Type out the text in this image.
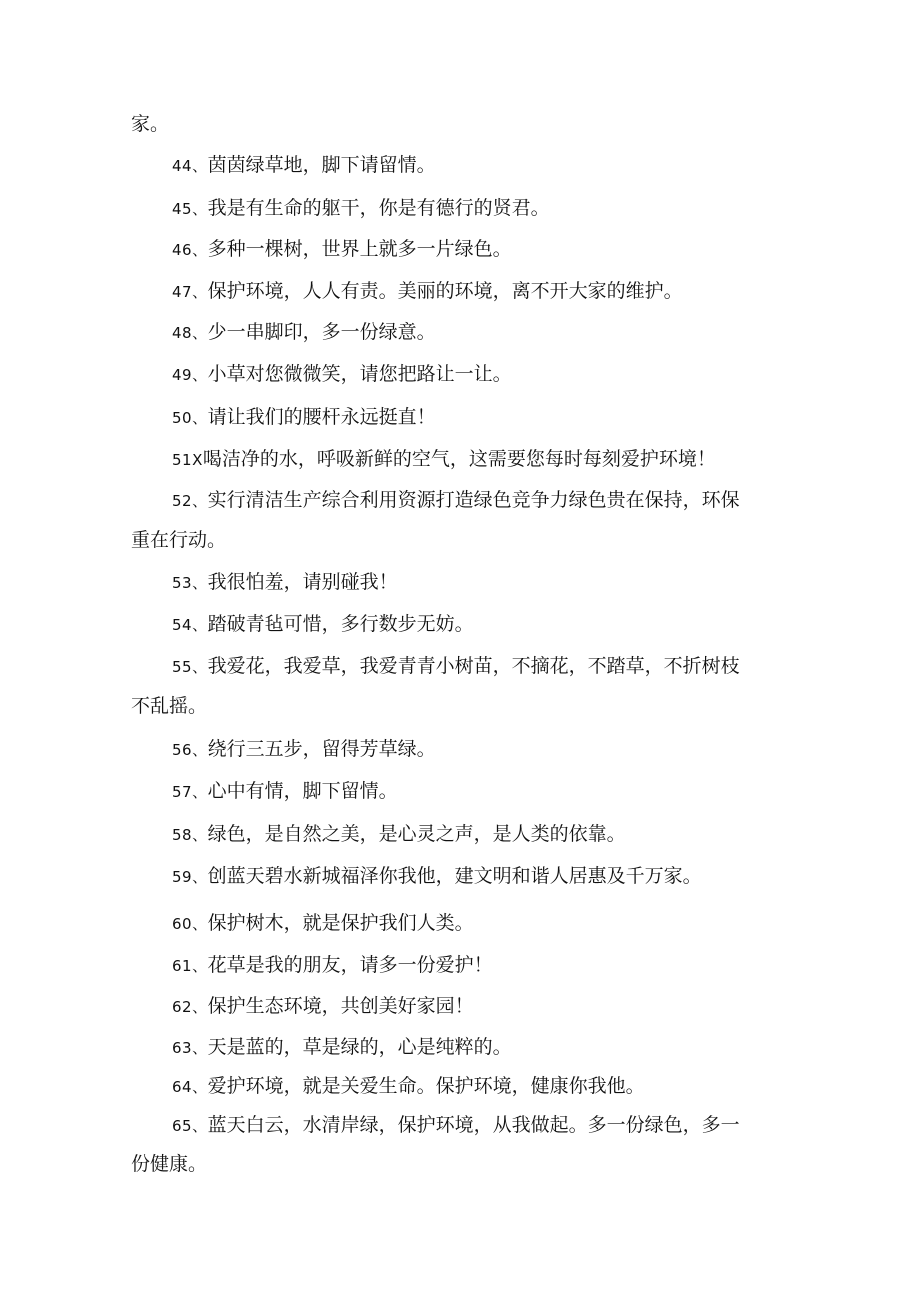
家。
44、茵茵绿草地，脚下请留情。
45、我是有生命的躯干，你是有德行的贤君。
46、多种一棵树，世界上就多一片绿色。
47、保护环境，人人有责。美丽的环境，离不开大家的维护。
48、少一串脚印，多一份绿意。
49、小草对您微微笑，请您把路让一让。
50、请让我们的腰杆永远挺直！
51X喝洁净的水，呼吸新鲜的空气，这需要您每时每刻爱护环境！
52、实行清洁生产综合利用资源打造绿色竞争力绿色贵在保持，环保
重在行动。
53、我很怕羞，请别碰我！
54、踏破青毡可惜，多行数步无妨。
55、我爱花，我爱草，我爱青青小树苗，不摘花，不踏草，不折树枝
不乱摇。
56、绕行三五步，留得芳草绿。
57、心中有情，脚下留情。
58、绿色，是自然之美，是心灵之声，是人类的依靠。
59、创蓝天碧水新城福泽你我他，建文明和谐人居惠及千万家。
60、保护树木，就是保护我们人类。
61、花草是我的朋友，请多一份爱护！
62、保护生态环境，共创美好家园！
63、天是蓝的，草是绿的，心是纯粹的。
64、爱护环境，就是关爱生命。保护环境，健康你我他。
65、蓝天白云，水清岸绿，保护环境，从我做起。多一份绿色，多一
份健康。
